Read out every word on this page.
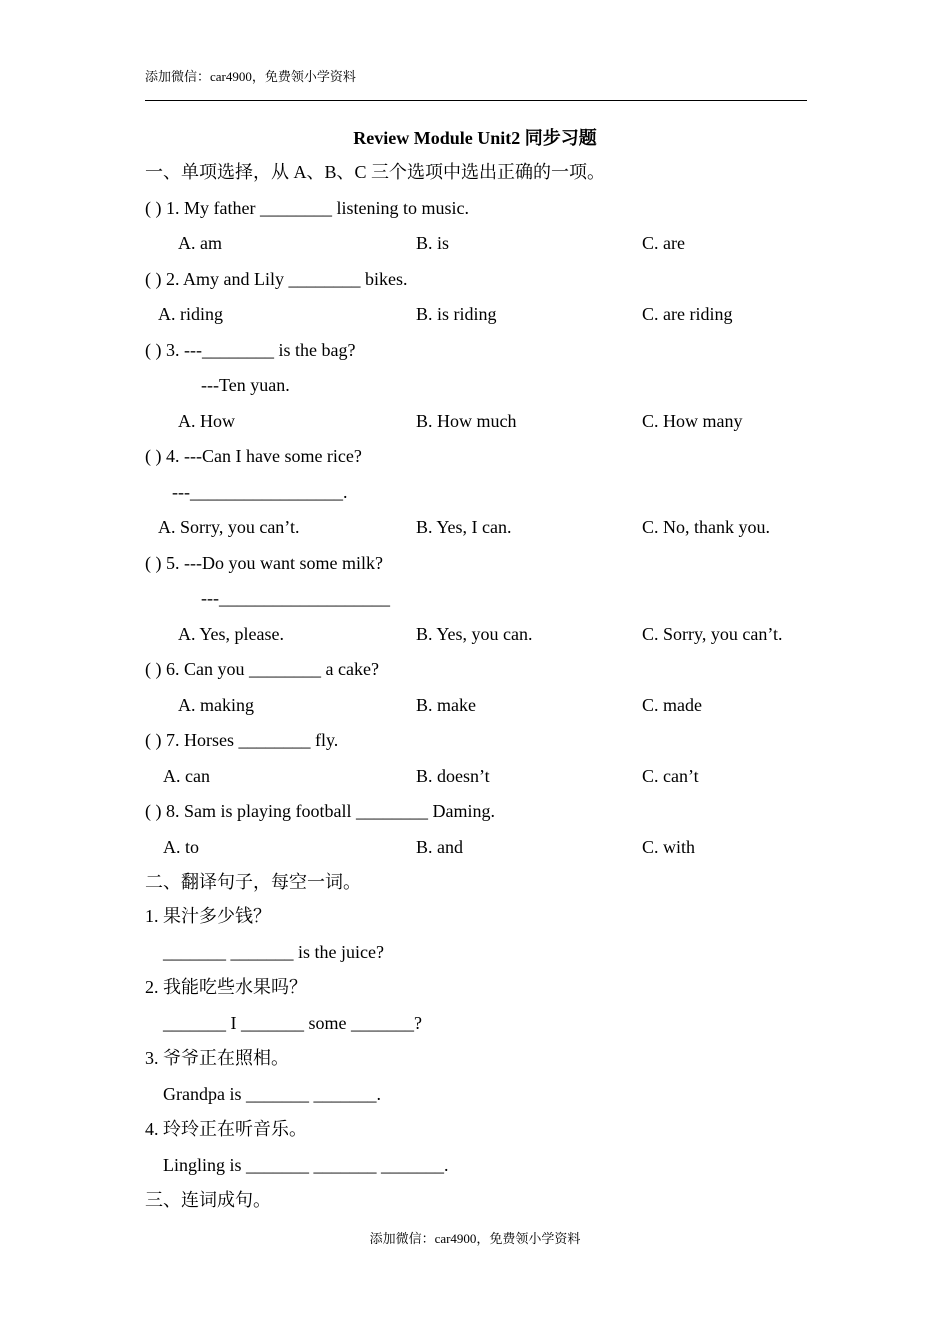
添加微信：car4900，免费领小学资料
Review Module Unit2 同步习题
一、单项选择，从 A、B、C 三个选项中选出正确的一项。
( ) 1. My father ________ listening to music.
A. am	B. is	C. are
( ) 2. Amy and Lily ________ bikes.
A. riding	B. is riding	C. are riding
( ) 3. ---________ is the bag?
---Ten yuan.
A. How	B. How much	C. How many
( ) 4. ---Can I have some rice?
---_________________.
A. Sorry, you can’t.	B. Yes, I can.	C. No, thank you.
( ) 5. ---Do you want some milk?
---___________________
A. Yes, please.	B. Yes, you can.	C. Sorry, you can’t.
( ) 6. Can you ________ a cake?
A. making	B. make	C. made
( ) 7. Horses ________ fly.
A. can	B. doesn’t	C. can’t
( ) 8. Sam is playing football ________ Daming.
A. to	B. and	C. with
二、翻译句子，每空一词。
1. 果汁多少钱？
_______ _______ is the juice?
2. 我能吃些水果吗？
_______ I _______ some _______?
3. 爷爷正在照相。
Grandpa is _______ _______.
4. 玲玲正在听音乐。
Lingling is _______ _______ _______.
三、连词成句。
添加微信：car4900，免费领小学资料
